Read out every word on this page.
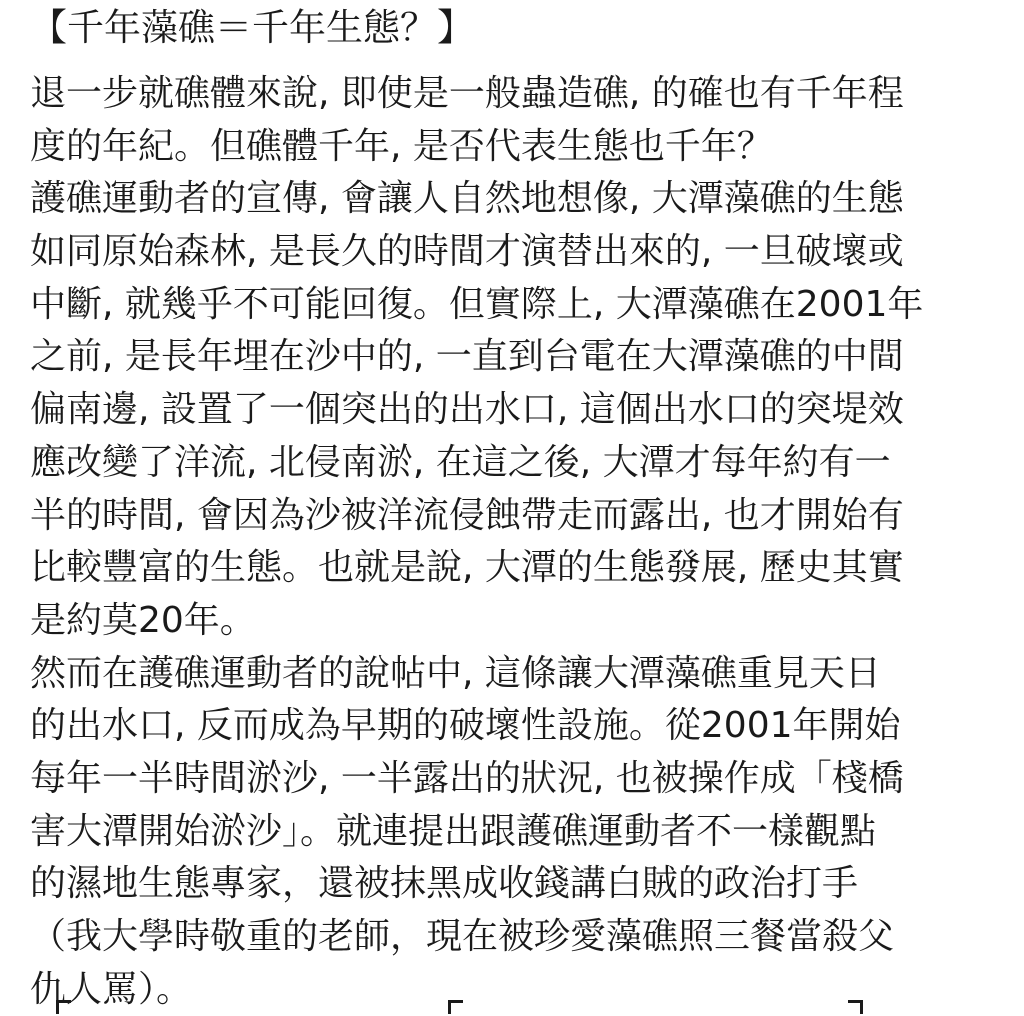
【千年藻礁＝千年生態？】
退一步就礁體來說, 即使是一般蟲造礁, 的確也有千年程
度的年紀。但礁體千年, 是否代表生態也千年？
護礁運動者的宣傳, 會讓人自然地想像, 大潭藻礁的生態
如同原始森林, 是長久的時間才演替出來的, 一旦破壞或
中斷, 就幾乎不可能回復。但實際上, 大潭藻礁在2001年
之前, 是長年埋在沙中的, 一直到台電在大潭藻礁的中間
偏南邊, 設置了一個突出的出水口, 這個出水口的突堤效
應改變了洋流, 北侵南淤, 在這之後, 大潭才每年約有一
半的時間, 會因為沙被洋流侵蝕帶走而露出, 也才開始有
比較豐富的生態。也就是說, 大潭的生態發展, 歷史其實
是約莫20年。
然而在護礁運動者的說帖中, 這條讓大潭藻礁重見天日
的出水口, 反而成為早期的破壞性設施。從2001年開始
每年一半時間淤沙, 一半露出的狀況, 也被操作成「棧橋
害大潭開始淤沙」。就連提出跟護礁運動者不一樣觀點
的濕地生態專家，還被抹黑成收錢講白賊的政治打手
（我大學時敬重的老師，現在被珍愛藻礁照三餐當殺父
仇人罵）。
